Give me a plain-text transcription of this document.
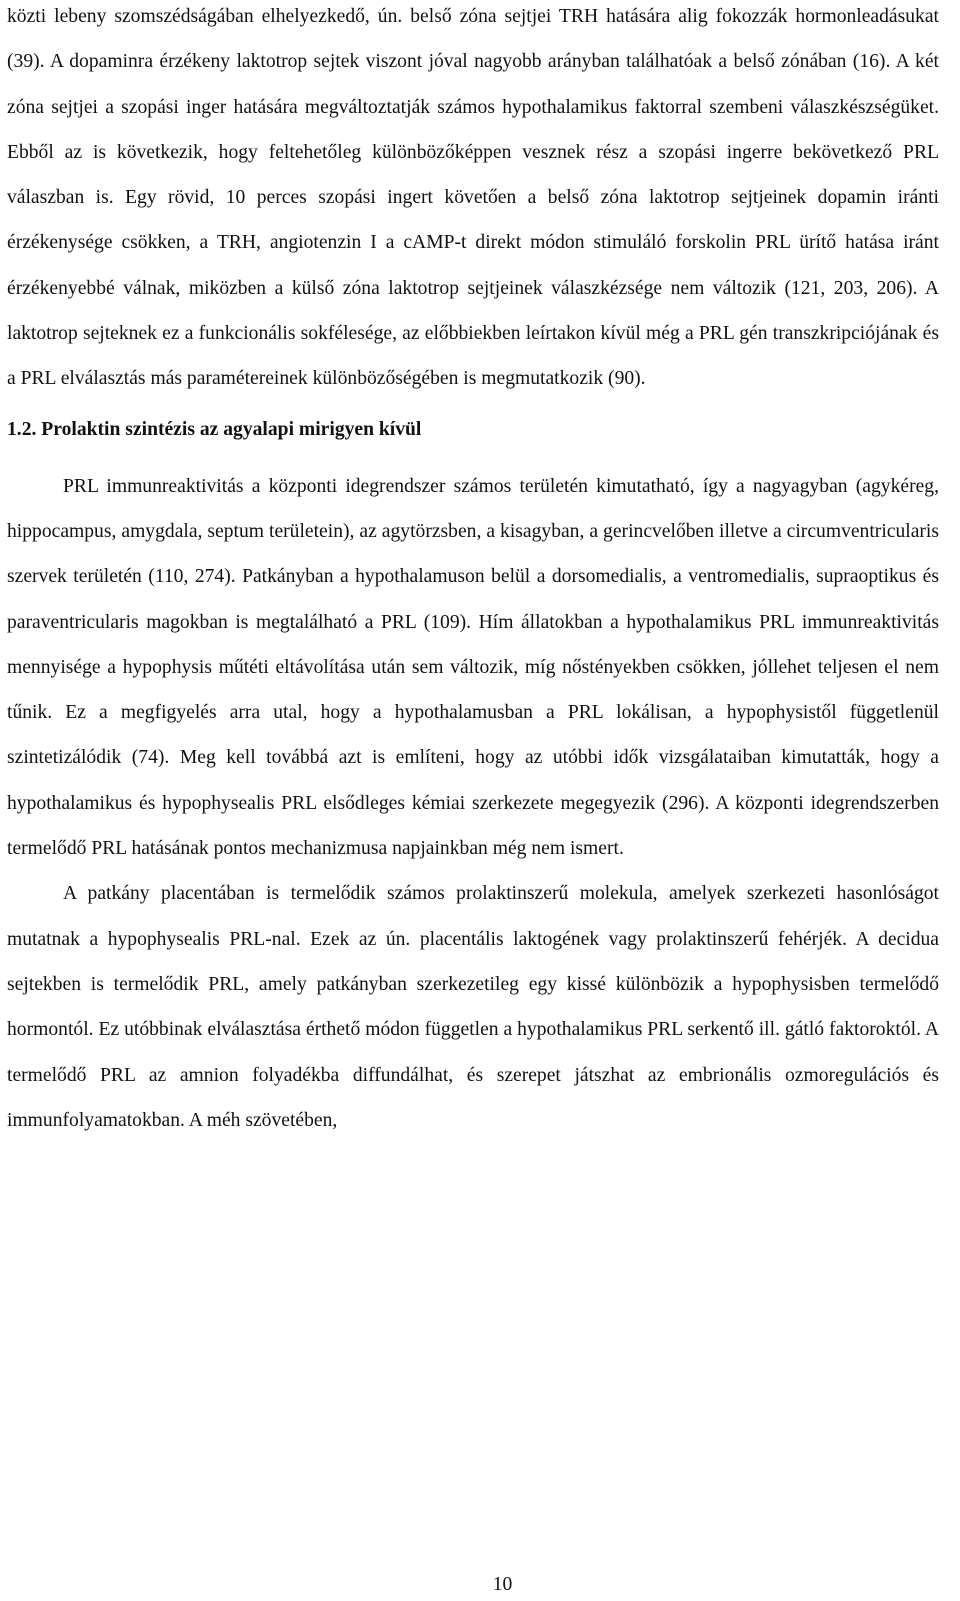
közti lebeny szomszédságában elhelyezkedő, ún. belső zóna sejtjei TRH hatására alig fokozzák hormonleadásukat (39). A dopaminra érzékeny laktotrop sejtek viszont jóval nagyobb arányban találhatóak a belső zónában (16). A két zóna sejtjei a szopási inger hatására megváltoztatják számos hypothalamikus faktorral szembeni válaszkészségüket. Ebből az is következik, hogy feltehetőleg különbözőképpen vesznek rész a szopási ingerre bekövetkező PRL válaszban is. Egy rövid, 10 perces szopási ingert követően a belső zóna laktotrop sejtjeinek dopamin iránti érzékenysége csökken, a TRH, angiotenzin I a cAMP-t direkt módon stimuláló forskolin PRL ürítő hatása iránt érzékenyebbé válnak, miközben a külső zóna laktotrop sejtjeinek válaszkézsége nem változik (121, 203, 206). A laktotrop sejteknek ez a funkcionális sokfélesége, az előbbiekben leírtakon kívül még a PRL gén transzkripciójának és a PRL elválasztás más paramétereinek különbözőségében is megmutatkozik (90).

1.2. Prolaktin szintézis az agyalapi mirigyen kívül

PRL immunreaktivitás a központi idegrendszer számos területén kimutatható, így a nagyagyban (agykéreg, hippocampus, amygdala, septum területein), az agytörzsben, a kisagyban, a gerincvelőben illetve a circumventricularis szervek területén (110, 274). Patkányban a hypothalamuson belül a dorsomedialis, a ventromedialis, supraoptikus és paraventricularis magokban is megtalálható a PRL (109). Hím állatokban a hypothalamikus PRL immunreaktivitás mennyisége a hypophysis műtéti eltávolítása után sem változik, míg nőstényekben csökken, jóllehet teljesen el nem tűnik. Ez a megfigyelés arra utal, hogy a hypothalamusban a PRL lokálisan, a hypophysistől függetlenül szintetizálódik (74). Meg kell továbbá azt is említeni, hogy az utóbbi idők vizsgálataiban kimutatták, hogy a hypothalamikus és hypophysealis PRL elsődleges kémiai szerkezete megegyezik (296). A központi idegrendszerben termelődő PRL hatásának pontos mechanizmusa napjainkban még nem ismert.

A patkány placentában is termelődik számos prolaktinszerű molekula, amelyek szerkezeti hasonlóságot mutatnak a hypophysealis PRL-nal. Ezek az ún. placentális laktogének vagy prolaktinszerű fehérjék. A decidua sejtekben is termelődik PRL, amely patkányban szerkezetileg egy kissé különbözik a hypophysisben termelődő hormontól. Ez utóbbinak elválasztása érthető módon független a hypothalamikus PRL serkentő ill. gátló faktoroktól. A termelődő PRL az amnion folyadékba diffundálhat, és szerepet játszhat az embrionális ozmoregulációs és immunfolyamatokban. A méh szövetében,

10
